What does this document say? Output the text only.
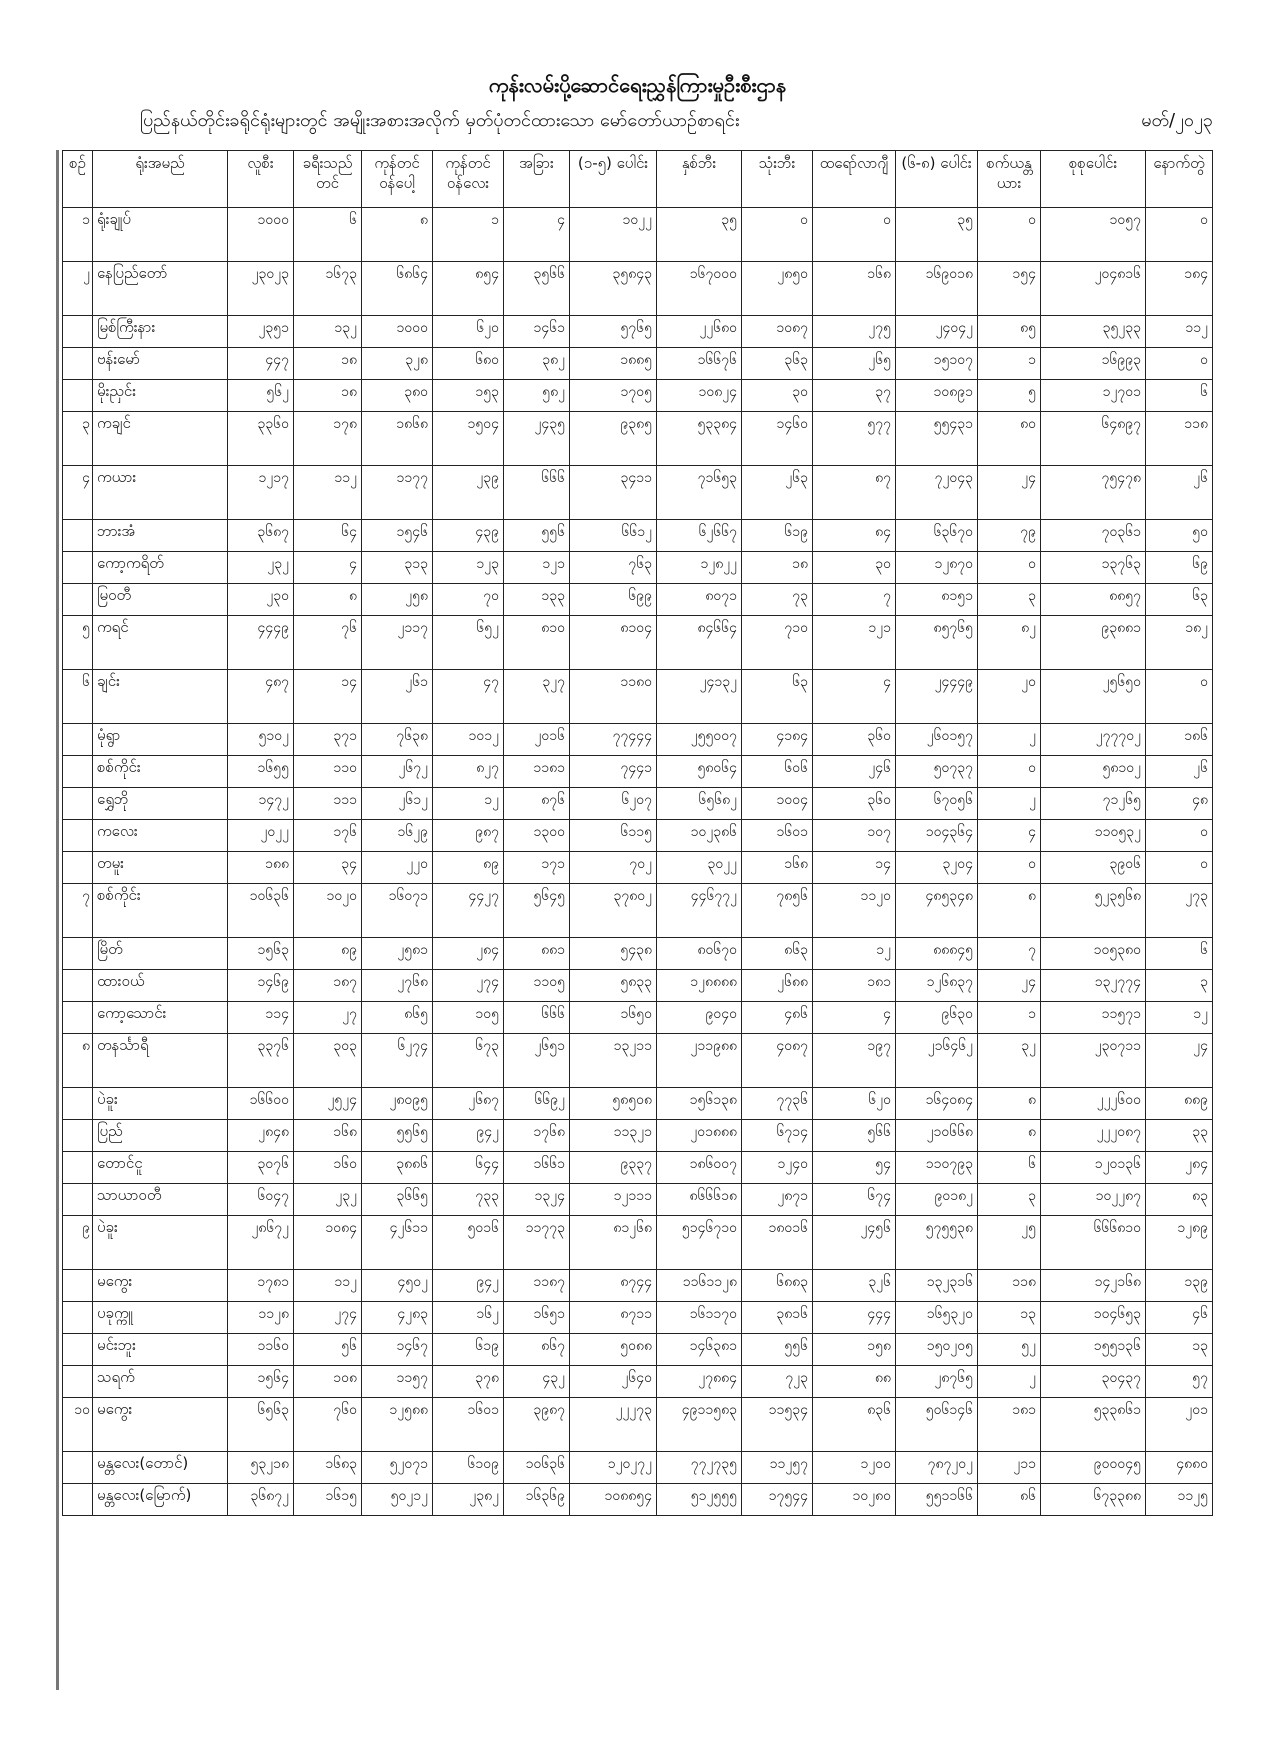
ကုန်းလမ်းပို့ဆောင်ရေးညွှန်ကြားမှုဦးစီးဌာန
ပြည်နယ်တိုင်းခရိုင်ရုံးများတွင် အမျိုးအစားအလိုက် မှတ်ပုံတင်ထားသော မော်တော်ယာဉ်စာရင်း	မတ်/၂၀၂၃
စဉ်	ရုံးအမည်	လူစီး	ခရီးသည်တင်	ကုန်တင်ဝန်ပေါ့	ကုန်တင်ဝန်လေး	အခြား	(၁-၅) ပေါင်း	နှစ်ဘီး	သုံးဘီး	ထရော်လာဂျီ	(၆-၈) ပေါင်း	စက်ယန္တယား	စုစုပေါင်း	နောက်တွဲ
၁	ရုံးချုပ်	၁၀၀၀	၆	၈	၁	၄	၁၀၂၂	၃၅	၀	၀	၃၅	၀	၁၀၅၇	၀
၂	နေပြည်တော်	၂၃၀၂၃	၁၆၇၃	၆၈၆၄	၈၅၄	၃၅၆၆	၃၅၈၄၃	၁၆၇၀၀၀	၂၈၅၀	၁၆၈	၁၆၉၀၁၈	၁၅၄	၂၀၄၈၁၆	၁၈၄
	မြစ်ကြီးနား	၂၃၅၁	၁၃၂	၁၀၀၀	၆၂၀	၁၄၆၁	၅၇၆၅	၂၂၆၈၀	၁၀၈၇	၂၇၅	၂၄၀၄၂	၈၅	၃၅၂၃၃	၁၁၂
	ဗန်းမော်	၄၄၇	၁၈	၃၂၈	၆၈၀	၃၈၂	၁၈၈၅	၁၆၆၇၆	၃၆၃	၂၆၅	၁၅၁၀၇	၁	၁၆၉၉၃	၀
	မိုးညှင်း	၅၆၂	၁၈	၃၈၀	၁၅၃	၅၈၂	၁၇၀၅	၁၀၈၂၄	၃၀	၃၇	၁၀၈၉၁	၅	၁၂၇၀၁	၆
၃	ကချင်	၃၃၆၀	၁၇၈	၁၈၆၈	၁၅၀၄	၂၄၃၅	၉၃၈၅	၅၃၃၈၄	၁၄၆၀	၅၇၇	၅၅၄၃၁	၈၀	၆၄၈၉၇	၁၁၈
၄	ကယား	၁၂၁၇	၁၁၂	၁၁၇၇	၂၃၉	၆၆၆	၃၄၁၁	၇၁၆၅၃	၂၆၃	၈၇	၇၂၀၄၃	၂၄	၇၅၄၇၈	၂၆
	ဘားအံ	၃၆၈၇	၆၄	၁၅၄၆	၄၃၉	၅၅၆	၆၆၁၂	၆၂၆၆၇	၆၁၉	၈၄	၆၃၆၇၀	၇၉	၇၀၃၆၁	၅၀
	ကော့ကရိတ်	၂၃၂	၄	၃၁၃	၁၂၃	၁၂၁	၇၆၃	၁၂၈၂၂	၁၈	၃၀	၁၂၈၇၀	၀	၁၃၇၆၃	၆၉
	မြဝတီ	၂၃၀	၈	၂၅၈	၇၀	၁၃၃	၆၉၉	၈၀၇၁	၇၃	၇	၈၁၅၁	၃	၈၈၅၇	၆၃
၅	ကရင်	၄၄၄၉	၇၆	၂၁၁၇	၆၅၂	၈၁၀	၈၁၀၄	၈၄၆၆၄	၇၁၀	၁၂၁	၈၅၇၆၅	၈၂	၉၃၈၈၁	၁၈၂
၆	ချင်း	၄၈၇	၁၄	၂၆၁	၄၇	၃၂၇	၁၁၈၀	၂၄၁၃၂	၆၃	၄	၂၄၄၄၉	၂၀	၂၅၆၅၀	၀
	မုံရွာ	၅၁၀၂	၃၇၁	၇၆၃၈	၁၀၁၂	၂၀၁၆	၇၇၄၄၄	၂၅၅၀၀၇	၄၁၈၄	၃၆၀	၂၆၀၁၅၇	၂	၂၇၇၇၀၂	၁၈၆
	စစ်ကိုင်း	၁၆၅၅	၁၁၀	၂၆၇၂	၈၂၇	၁၁၈၁	၇၄၄၁	၅၈၀၆၄	၆၀၆	၂၄၆	၅၀၇၃၇	၀	၅၈၁၀၂	၂၆
	ရွှေဘို	၁၄၇၂	၁၁၁	၂၆၁၂	၁၂	၈၇၆	၆၂၀၇	၆၅၆၈၂	၁၀၀၄	၃၆၀	၆၇၀၅၆	၂	၇၁၂၆၅	၄၈
	ကလေး	၂၀၂၂	၁၇၆	၁၆၂၉	၉၈၇	၁၃၀၀	၆၁၁၅	၁၀၂၃၈၆	၁၆၀၁	၁၀၇	၁၀၄၃၆၄	၄	၁၁၀၅၃၂	၀
	တမူး	၁၈၈	၃၄	၂၂၀	၈၉	၁၇၁	၇၀၂	၃၀၂၂	၁၆၈	၁၄	၃၂၀၄	၀	၃၉၀၆	၀
၇	စစ်ကိုင်း	၁၀၆၃၆	၁၀၂၀	၁၆၀၇၁	၄၄၂၇	၅၆၄၅	၃၇၈၀၂	၄၄၆၇၇၂	၇၈၅၆	၁၁၂၀	၄၈၅၃၄၈	၈	၅၂၃၅၆၈	၂၇၃
	မြိတ်	၁၅၆၃	၈၉	၂၅၈၁	၂၈၄	၈၈၁	၅၄၃၈	၈၀၆၇၀	၈၆၃	၁၂	၈၈၈၄၅	၇	၁၀၅၃၈၀	၆
	ထားဝယ်	၁၄၆၉	၁၈၇	၂၇၆၈	၂၇၄	၁၁၀၅	၅၈၃၃	၁၂၈၈၈၈	၂၆၈၈	၁၈၁	၁၂၆၈၃၇	၂၄	၁၃၂၇၇၄	၃
	ကော့သောင်း	၁၁၄	၂၇	၈၆၅	၁၀၅	၆၆၆	၁၆၅၀	၉၀၄၀	၄၈၆	၄	၉၆၃၀	၁	၁၁၅၇၁	၁၂
၈	တနင်္သာရီ	၃၃၇၆	၃၀၃	၆၂၇၄	၆၇၃	၂၆၅၁	၁၃၂၁၁	၂၁၁၉၈၈	၄၀၈၇	၁၉၇	၂၁၆၄၆၂	၃၂	၂၃၀၇၁၁	၂၄
	ပဲခူး	၁၆၆၀၀	၂၅၂၄	၂၈၀၉၅	၂၆၈၇	၆၆၉၂	၅၈၅၀၈	၁၅၆၁၃၈	၇၇၃၆	၆၂၀	၁၆၄၀၈၄	၈	၂၂၂၆၀၀	၈၈၉
	ပြည်	၂၈၄၈	၁၆၈	၅၅၆၅	၉၄၂	၁၇၆၈	၁၁၃၂၁	၂၀၁၈၈၈	၆၇၁၄	၅၆၆	၂၁၀၆၆၈	၈	၂၂၂၀၈၇	၃၃
	တောင်ငူ	၃၀၇၆	၁၆၀	၃၈၈၆	၆၄၄	၁၆၆၁	၉၃၃၇	၁၈၆၀၀၇	၁၂၄၀	၅၄	၁၁၀၇၉၃	၆	၁၂၀၁၃၆	၂၈၄
	သာယာဝတီ	၆၀၄၇	၂၃၂	၃၆၆၅	၇၃၃	၁၃၂၄	၁၂၁၁၁	၈၆၆၆၁၈	၂၈၇၁	၆၇၄	၉၀၁၈၂	၃	၁၀၂၂၈၇	၈၃
၉	ပဲခူး	၂၈၆၇၂	၁၀၈၄	၄၂၆၁၁	၅၀၁၆	၁၁၇၇၃	၈၁၂၆၈	၅၁၄၆၇၁၀	၁၈၀၁၆	၂၄၅၆	၅၇၅၅၃၈	၂၅	၆၆၆၈၁၀	၁၂၈၉
	မကွေး	၁၇၈၁	၁၁၂	၄၅၀၂	၉၄၂	၁၁၈၇	၈၇၄၄	၁၁၆၁၁၂၈	၆၈၈၃	၃၂၆	၁၃၂၃၁၆	၁၁၈	၁၄၂၁၆၈	၁၃၉
	ပခုက္ကူ	၁၁၂၈	၂၇၄	၄၂၈၃	၁၆၂	၁၆၅၁	၈၇၁၁	၁၆၁၁၇၀	၃၈၁၆	၄၄၄	၁၆၅၃၂၀	၁၃	၁၀၄၆၅၃	၄၆
	မင်းဘူး	၁၁၆၀	၅၆	၁၄၆၇	၆၁၉	၈၆၇	၅၀၈၈	၁၄၆၃၈၁	၅၅၆	၁၅၈	၁၅၀၂၀၅	၅၂	၁၅၅၁၃၆	၁၃
	သရက်	၁၅၆၄	၁၀၈	၁၁၅၇	၃၇၈	၄၃၂	၂၆၄၀	၂၇၈၈၄	၇၂၃	၈၈	၂၈၇၆၅	၂	၃၀၄၃၇	၅၇
၁၀	မကွေး	၆၅၆၃	၇၆၀	၁၂၅၈၈	၁၆၀၁	၃၉၈၇	၂၂၂၇၃	၄၉၁၁၅၈၃	၁၁၅၃၄	၈၃၆	၅၀၆၁၄၆	၁၈၁	၅၃၃၈၆၁	၂၀၁
	မန္တလေး(တောင်)	၅၃၂၁၈	၁၆၈၃	၅၂၀၇၁	၆၁၀၉	၁၀၆၃၆	၁၂၀၂၇၂	၇၇၂၇၃၅	၁၁၂၅၇	၁၂၀၀	၇၈၇၂၀၂	၂၁၁	၉၀၀၀၄၅	၄၈၈၀
	မန္တလေး(မြောက်)	၃၆၈၇၂	၁၆၁၅	၅၀၂၁၂	၂၃၈၂	၁၆၃၆၉	၁၀၈၈၅၄	၅၁၂၅၅၅	၁၇၅၄၄	၁၀၂၈၀	၅၅၁၁၆၆	၈၆	၆၇၃၃၈၈	၁၁၂၅
